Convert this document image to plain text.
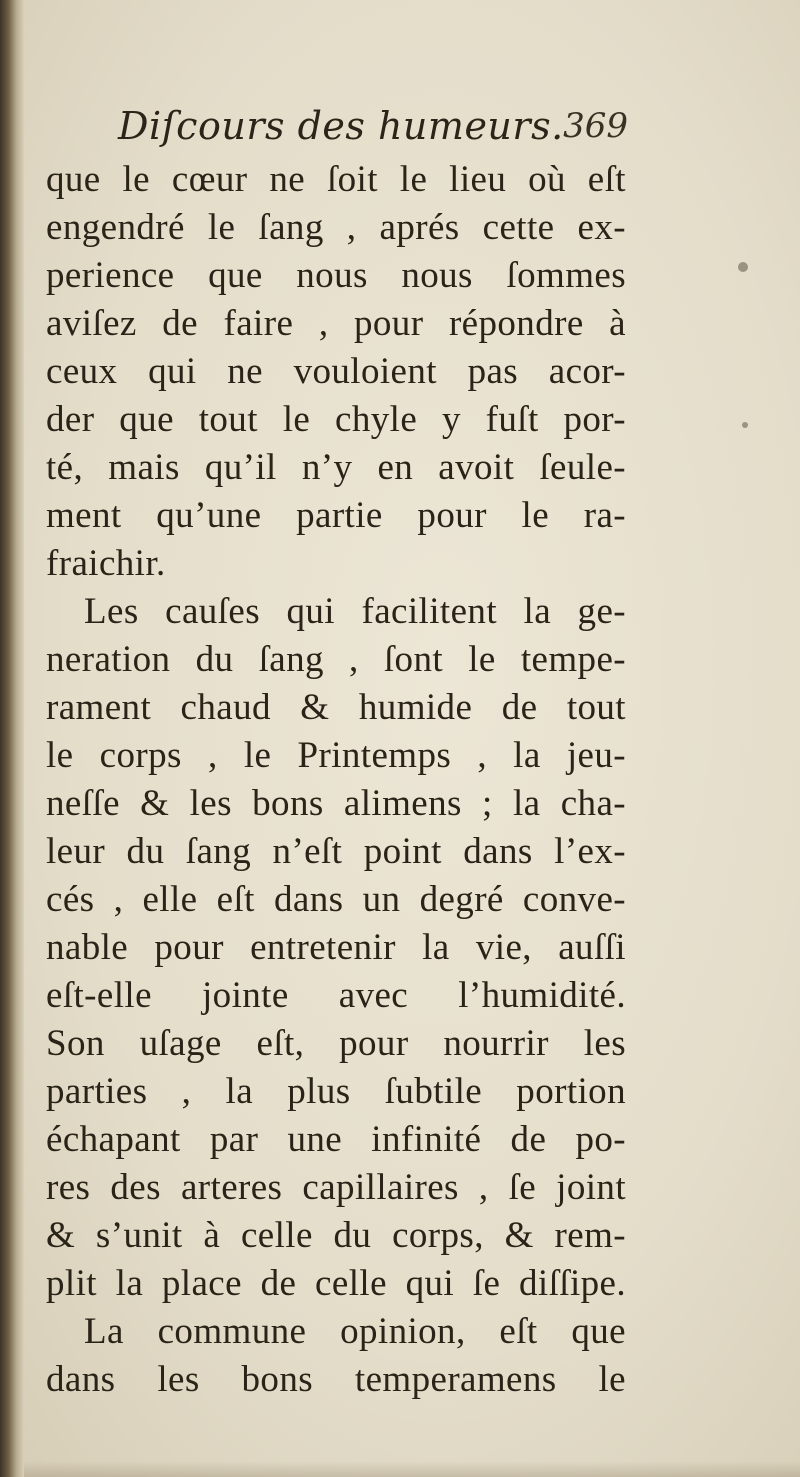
Diſcours des humeurs. 369
que le cœur ne ſoit le lieu où eſt
engendré le ſang , aprés cette ex-
perience que nous nous ſommes
aviſez de faire , pour répondre à
ceux qui ne vouloient pas acor-
der que tout le chyle y fuſt por-
té, mais qu’il n’y en avoit ſeule-
ment qu’une partie pour le ra-
fraichir.
Les cauſes qui facilitent la ge-
neration du ſang , ſont le tempe-
rament chaud & humide de tout
le corps , le Printemps , la jeu-
neſſe & les bons alimens ; la cha-
leur du ſang n’eſt point dans l’ex-
cés , elle eſt dans un degré conve-
nable pour entretenir la vie, auſſi
eſt-elle jointe avec l’humidité.
Son uſage eſt, pour nourrir les
parties , la plus ſubtile portion
échapant par une infinité de po-
res des arteres capillaires , ſe joint
& s’unit à celle du corps, & rem-
plit la place de celle qui ſe diſſipe.
La commune opinion, eſt que
dans les bons temperamens le
